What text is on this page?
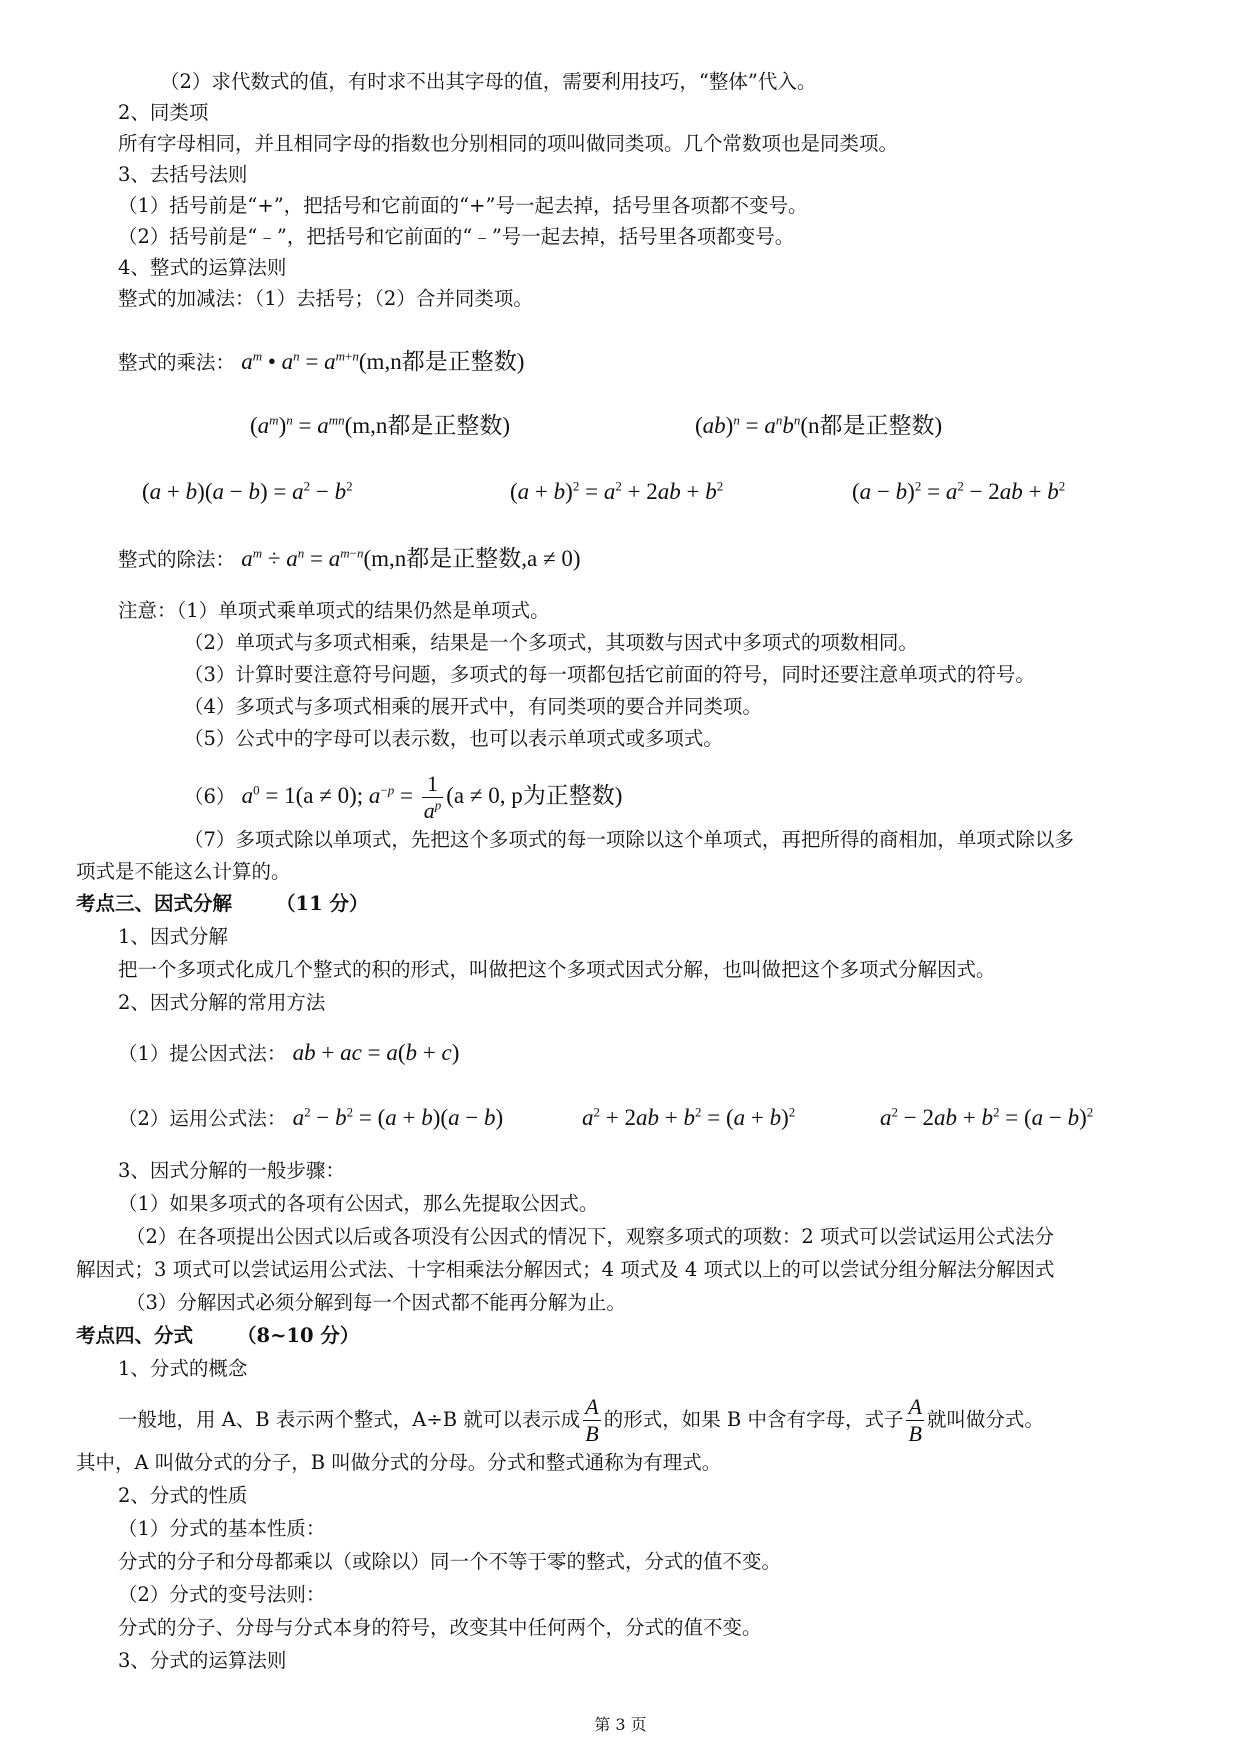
（2）求代数式的值，有时求不出其字母的值，需要利用技巧，“整体”代入。
2、同类项
所有字母相同，并且相同字母的指数也分别相同的项叫做同类项。几个常数项也是同类项。
3、去括号法则
（1）括号前是“+”，把括号和它前面的“+”号一起去掉，括号里各项都不变号。
（2）括号前是“﹣”，把括号和它前面的“﹣”号一起去掉，括号里各项都变号。
4、整式的运算法则
整式的加减法：（1）去括号；（2）合并同类项。
整式的乘法： $a^m$ • $a^n = a^{m+n}(m,n$都是正整数)
$(a^m)^n = a^{mn}(m,n$都是正整数)	$(ab)^n = a^nb^n(n$都是正整数)
$(a + b)(a - b) = a^2 - b^2$	$(a + b)^2 = a^2 + 2ab + b^2$	$(a - b)^2 = a^2 - 2ab + b^2$
整式的除法： $a^m \div a^n = a^{m-n}(m,n$都是正整数,a ≠ 0)
注意：（1）单项式乘单项式的结果仍然是单项式。
（2）单项式与多项式相乘，结果是一个多项式，其项数与因式中多项式的项数相同。
（3）计算时要注意符号问题，多项式的每一项都包括它前面的符号，同时还要注意单项式的符号。
（4）多项式与多项式相乘的展开式中，有同类项的要合并同类项。
（5）公式中的字母可以表示数，也可以表示单项式或多项式。
（6） $a^0 = 1(a \ne 0)$; $a^{-p} = \frac{1}{a^p} (a \ne 0$, p为正整数)
（7）多项式除以单项式，先把这个多项式的每一项除以这个单项式，再把所得的商相加，单项式除以多
项式是不能这么计算的。
考点三、因式分解 （11 分）
1、因式分解
把一个多项式化成几个整式的积的形式，叫做把这个多项式因式分解，也叫做把这个多项式分解因式。
2、因式分解的常用方法
（1）提公因式法： ab + ac = a(b + c)
（2）运用公式法： $a^2 - b^2 = (a + b)(a - b)$	$a^2 + 2ab + b^2 = (a + b)^2$	$a^2 - 2ab + b^2 = (a - b)^2$
3、因式分解的一般步骤：
（1）如果多项式的各项有公因式，那么先提取公因式。
（2）在各项提出公因式以后或各项没有公因式的情况下，观察多项式的项数：2 项式可以尝试运用公式法分
解因式；3 项式可以尝试运用公式法、十字相乘法分解因式；4 项式及 4 项式以上的可以尝试分组分解法分解因式
（3）分解因式必须分解到每一个因式都不能再分解为止。
考点四、分式 （8~10 分）
1、分式的概念
一般地，用 A、B 表示两个整式，A÷B 就可以表示成 $\frac{A}{B}$ 的形式，如果 B 中含有字母，式子 $\frac{A}{B}$ 就叫做分式。
其中，A 叫做分式的分子，B 叫做分式的分母。分式和整式通称为有理式。
2、分式的性质
（1）分式的基本性质：
分式的分子和分母都乘以（或除以）同一个不等于零的整式，分式的值不变。
（2）分式的变号法则：
分式的分子、分母与分式本身的符号，改变其中任何两个，分式的值不变。
3、分式的运算法则
第 3 页
